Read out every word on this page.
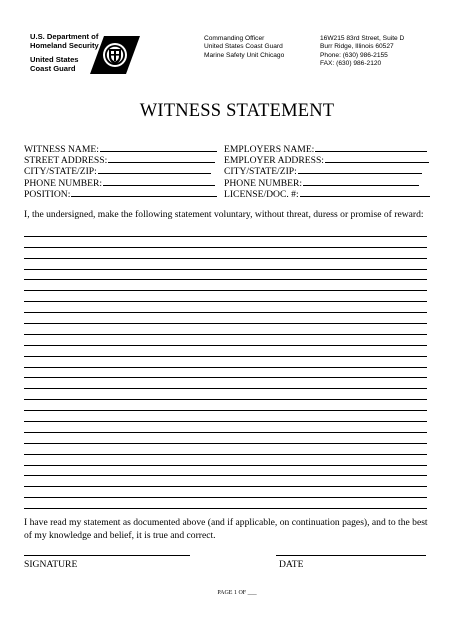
U.S. Department of
Homeland Security
United States
Coast Guard
Commanding Officer
United States Coast Guard
Marine Safety Unit Chicago
16W215 83rd Street, Suite D
Burr Ridge, Illinois 60527
Phone: (630) 986-2155
FAX: (630) 986-2120
WITNESS STATEMENT
WITNESS NAME:
STREET ADDRESS:
CITY/STATE/ZIP:
PHONE NUMBER:
POSITION:
EMPLOYERS NAME:
EMPLOYER ADDRESS:
CITY/STATE/ZIP:
PHONE NUMBER:
LICENSE/DOC. #:
I, the undersigned, make the following statement voluntary, without threat, duress or promise of reward:
I have read my statement as documented above (and if applicable, on continuation pages), and to the best of my knowledge and belief, it is true and correct.
SIGNATURE	DATE
PAGE 1 OF ___
